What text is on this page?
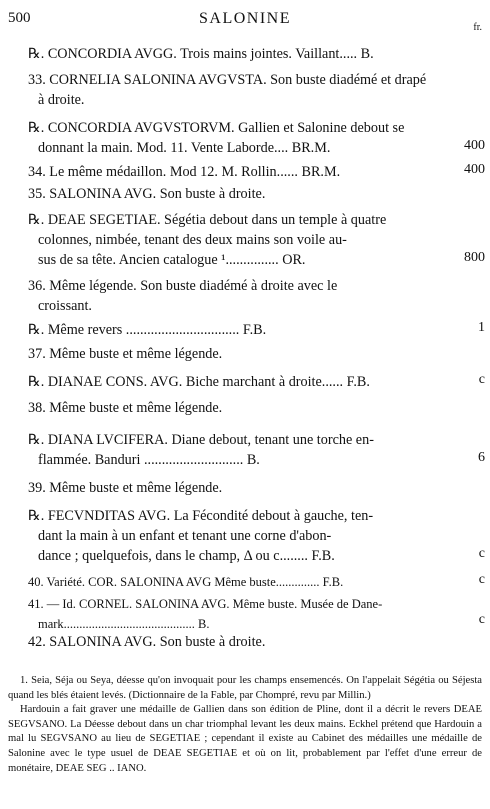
500	SALONINE
fr.
℞. CONCORDIA AVGG. Trois mains jointes. Vaillant..... B.
33. CORNELIA SALONINA AVGVSTA. Son buste diadémé et drapé
à droite.
℞. CONCORDIA AVGVSTORVM. Gallien et Salonine debout se
donnant la main. Mod. 11. Vente Laborde.... BR.M.	400
34. Le même médaillon. Mod 12. M. Rollin...... BR.M.	400
35. SALONINA AVG. Son buste à droite.
℞. DEAE SEGETIAE. Ségétia debout dans un temple à quatre
colonnes, nimbée, tenant des deux mains son voile au-
sus de sa tête. Ancien catalogue ¹............... OR.	800
36. Même légende. Son buste diadémé à droite avec le
croissant.
℞. Même revers ................................ F.B.	1
37. Même buste et même légende.
℞. DIANAE CONS. AVG. Biche marchant à droite...... F.B.	c
38. Même buste et même légende.
℞. DIANA LVCIFERA. Diane debout, tenant une torche en-
flammée. Banduri ............................ B.	6
39. Même buste et même légende.
℞. FECVNDITAS AVG. La Fécondité debout à gauche, ten-
dant la main à un enfant et tenant une corne d'abon-
dance ; quelquefois, dans le champ, Δ ou c........ F.B.	c
40. Variété. COR. SALONINA AVG Même buste.............. F.B.	c
41. — Id. CORNEL. SALONINA AVG. Même buste. Musée de Dane-
mark.......................................... B.	c
42. SALONINA AVG. Son buste à droite.

1. Seia, Séja ou Seya, déesse qu'on invoquait pour les champs ensemencés. On l'appelait Ségétia ou Séjesta quand les blés étaient levés. (Dictionnaire de la Fable, par Chompré, revu par Millin.)

Hardouin a fait graver une médaille de Gallien dans son édition de Pline, dont il a décrit le revers DEAE SEGVSANO. La Déesse debout dans un char triomphal levant les deux mains. Eckhel prétend que Hardouin a mal lu SEGVSANO au lieu de SEGETIAE ; cependant il existe au Cabinet des médailles une médaille de Salonine avec le type usuel de DEAE SEGETIAE et où on lit, probablement par l'effet d'une erreur de monétaire, DEAE SEG .. IANO.
